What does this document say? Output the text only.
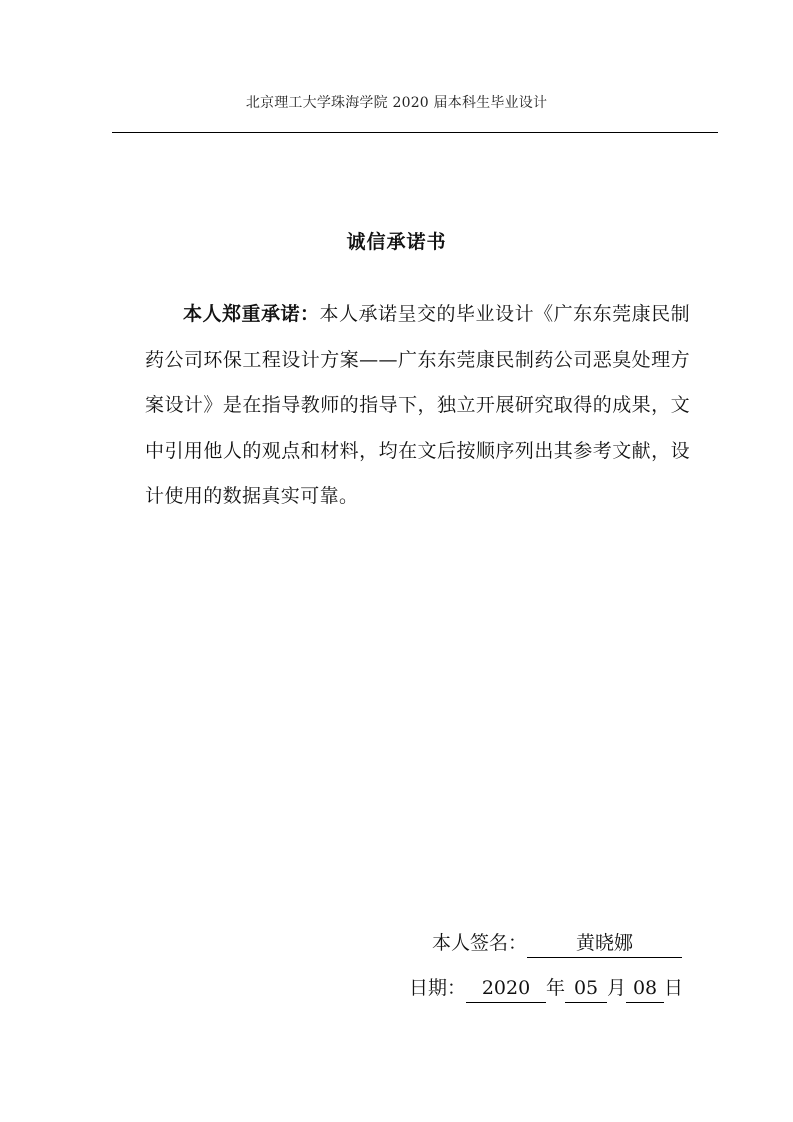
北京理工大学珠海学院 2020 届本科生毕业设计
诚信承诺书
本人郑重承诺：本人承诺呈交的毕业设计《广东东莞康民制药公司环保工程设计方案——广东东莞康民制药公司恶臭处理方案设计》是在指导教师的指导下，独立开展研究取得的成果，文中引用他人的观点和材料，均在文后按顺序列出其参考文献，设计使用的数据真实可靠。
本人签名：	黄晓娜
日期： 2020 年 05 月 08 日
